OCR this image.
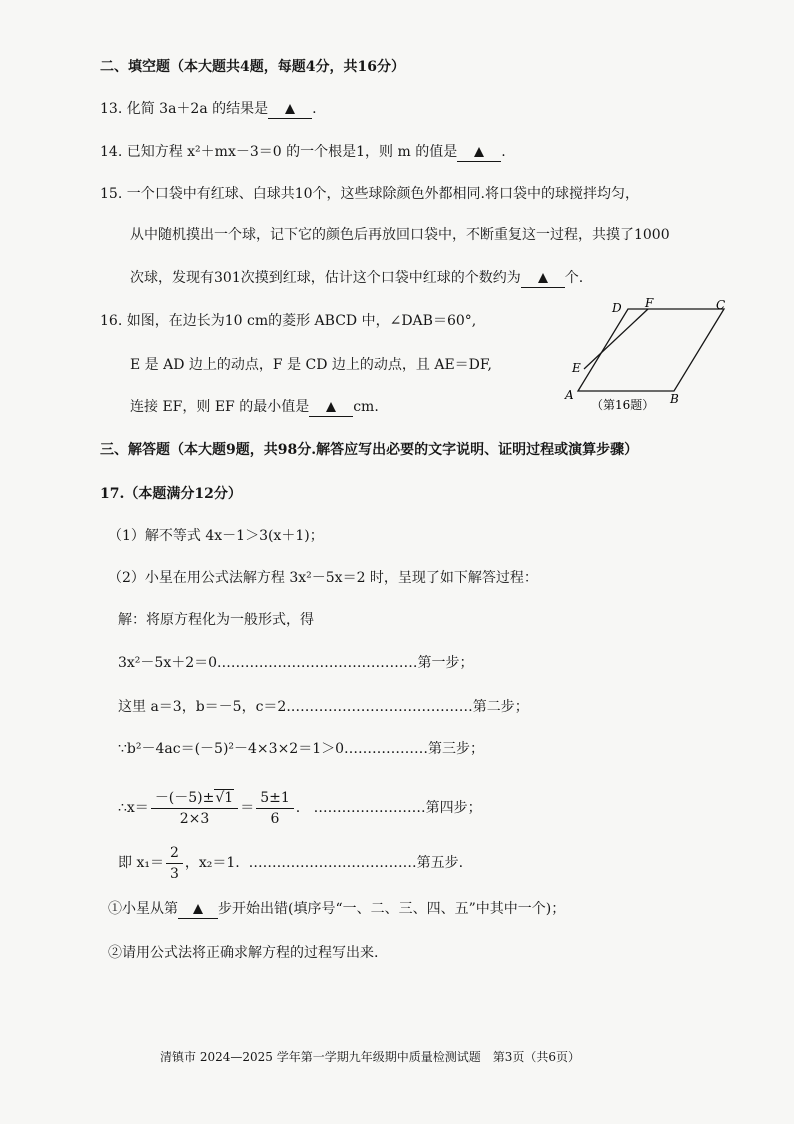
二、填空题（本大题共4题，每题4分，共16分）
13. 化简 3a＋2a 的结果是	.
14. 已知方程 x²＋mx－3＝0 的一个根是1，则 m 的值是	.
15. 一个口袋中有红球、白球共10个，这些球除颜色外都相同.将口袋中的球搅拌均匀，
从中随机摸出一个球，记下它的颜色后再放回口袋中，不断重复这一过程，共摸了1000
次球，发现有301次摸到红球，估计这个口袋中红球的个数约为	个.
16. 如图，在边长为10 cm的菱形 ABCD 中，∠DAB＝60°,
E 是 AD 边上的动点，F 是 CD 边上的动点，且 AE＝DF,
连接 EF，则 EF 的最小值是	cm.
A	B
C
D
E
F
（第16题）
三、解答题（本大题9题，共98分.解答应写出必要的文字说明、证明过程或演算步骤）
17.（本题满分12分）
（1）解不等式 4x－1＞3(x＋1)；
（2）小星在用公式法解方程 3x²－5x＝2 时，呈现了如下解答过程：
解：将原方程化为一般形式，得
3x²－5x＋2＝0.……………………………………第一步；
这里 a＝3，b＝－5，c＝2.…………………………………第二步；
∵b²－4ac＝(－5)²－4×3×2＝1＞0………………第三步；
∴x＝ $\frac{-(-5)\pm√1}{2\times 3} = \frac{5\pm 1}{6}$ . ……………………第四步；
即 $x_1= \frac{2}{3}$ ，x₂＝1. ………………………………第五步.
①小星从第	步开始出错(填序号“一、二、三、四、五”中其中一个)；
②请用公式法将正确求解方程的过程写出来.
清镇市 2024—2025 学年第一学期九年级期中质量检测试题　第3页（共6页）
